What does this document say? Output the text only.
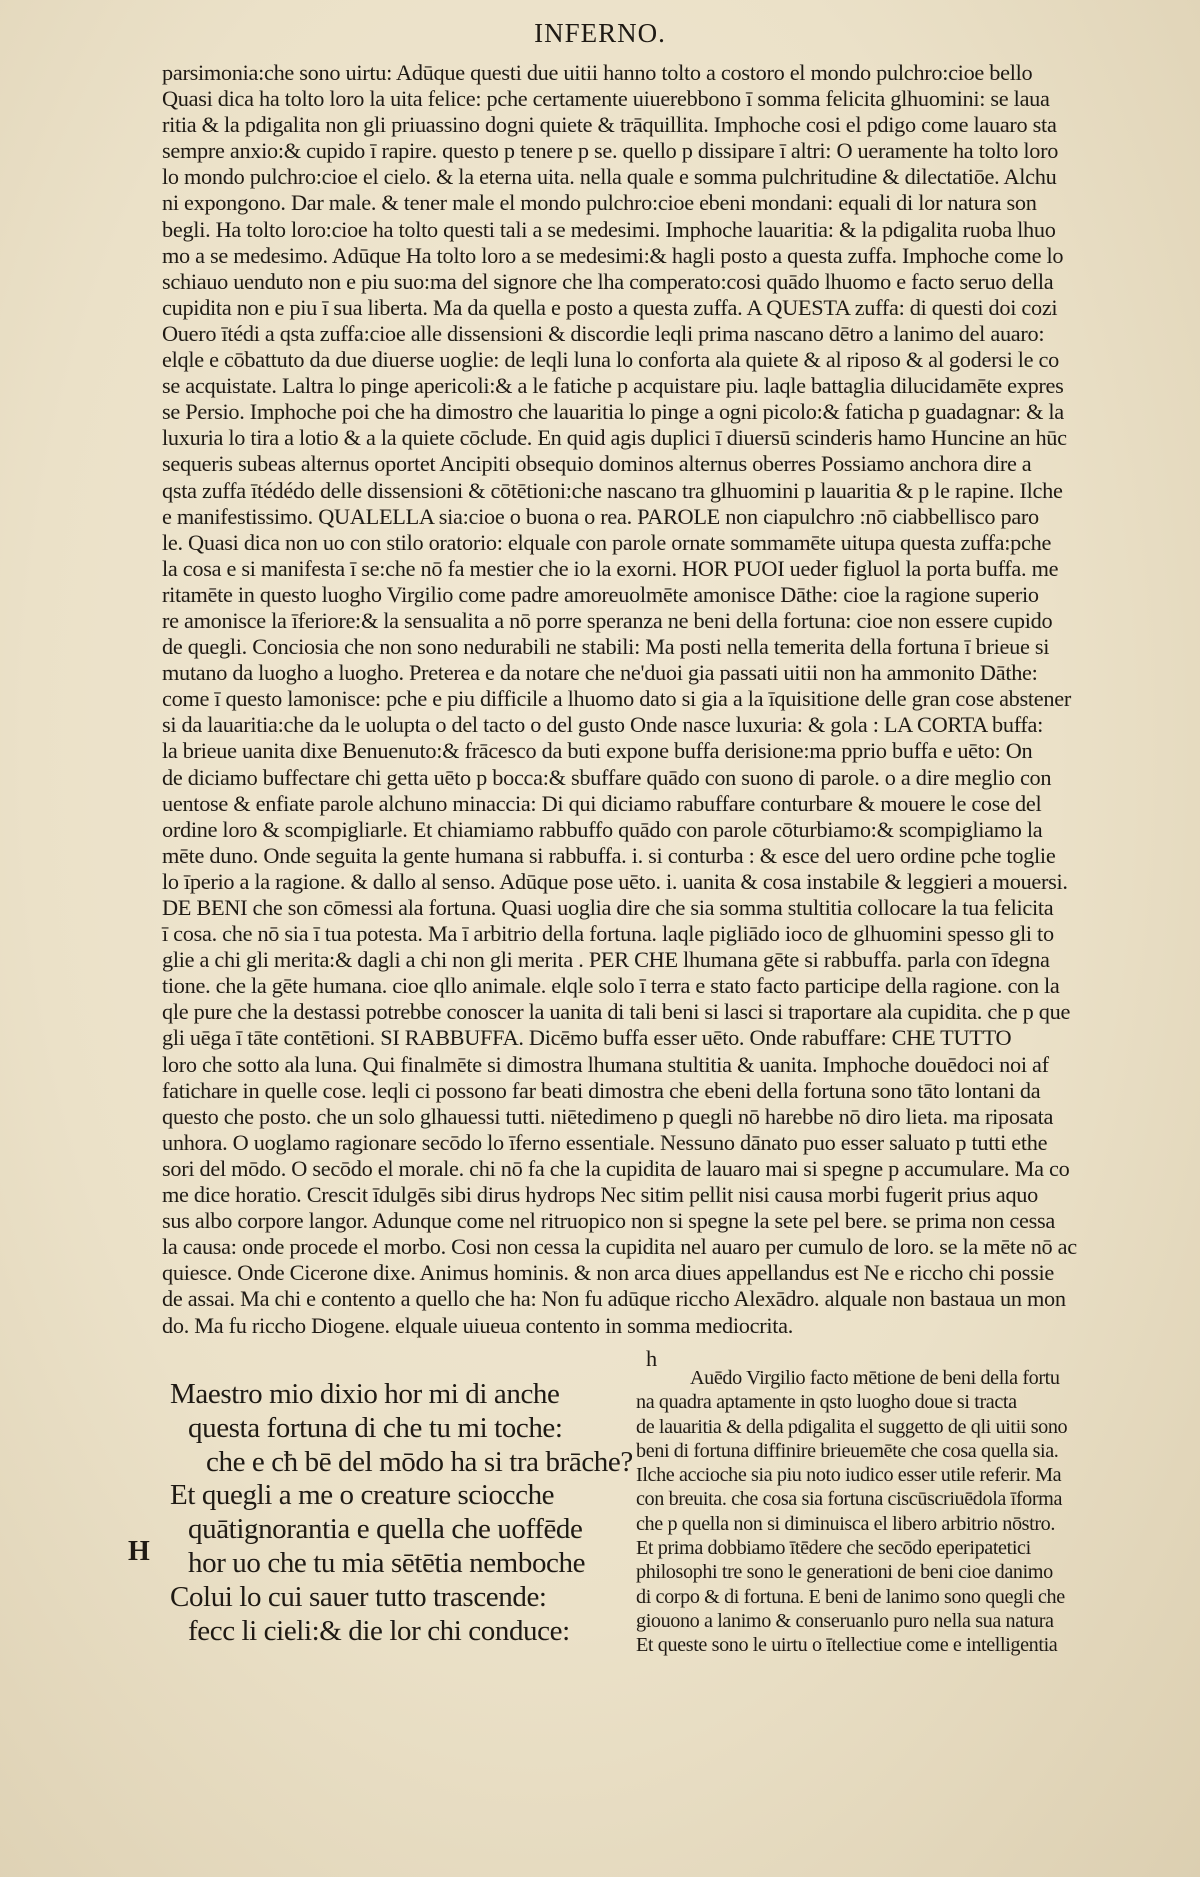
INFERNO.
parsimonia:che sono uirtu: Adūque questi due uitii hanno tolto a costoro el mondo pulchro:cioe bello
Quasi dica ha tolto loro la uita felice: pche certamente uiuerebbono ī somma felicita glhuomini: se laua
ritia & la pdigalita non gli priuassino dogni quiete & trāquillita. Imphoche cosi el pdigo come lauaro sta
sempre anxio:& cupido ī rapire. questo p tenere p se. quello p dissipare ī altri: O ueramente ha tolto loro
lo mondo pulchro:cioe el cielo. & la eterna uita. nella quale e somma pulchritudine & dilectatiōe. Alchu
ni expongono. Dar male. & tener male el mondo pulchro:cioe ebeni mondani: equali di lor natura son
begli. Ha tolto loro:cioe ha tolto questi tali a se medesimi. Imphoche lauaritia: & la pdigalita ruoba lhuo
mo a se medesimo. Adūque Ha tolto loro a se medesimi:& hagli posto a questa zuffa. Imphoche come lo
schiauo uenduto non e piu suo:ma del signore che lha comperato:cosi quādo lhuomo e facto seruo della
cupidita non e piu ī sua liberta. Ma da quella e posto a questa zuffa. A QUESTA zuffa: di questi doi cozi
Ouero ītédi a qsta zuffa:cioe alle dissensioni & discordie leqli prima nascano dētro a lanimo del auaro:
elqle e cōbattuto da due diuerse uoglie: de leqli luna lo conforta ala quiete & al riposo & al godersi le co
se acquistate. Laltra lo pinge apericoli:& a le fatiche p acquistare piu. laqle battaglia dilucidamēte expres
se Persio. Imphoche poi che ha dimostro che lauaritia lo pinge a ogni picolo:& faticha p guadagnar: & la
luxuria lo tira a lotio & a la quiete cōclude. En quid agis duplici ī diuersū scinderis hamo Huncine an hūc
sequeris subeas alternus oportet Ancipiti obsequio dominos alternus oberres Possiamo anchora dire a
qsta zuffa ītédédo delle dissensioni & cōtētioni:che nascano tra glhuomini p lauaritia & p le rapine. Ilche
e manifestissimo. QUALELLA sia:cioe o buona o rea. PAROLE non ciapulchro :nō ciabbellisco paro
le. Quasi dica non uo con stilo oratorio: elquale con parole ornate sommamēte uitupa questa zuffa:pche
la cosa e si manifesta ī se:che nō fa mestier che io la exorni. HOR PUOI ueder figluol la porta buffa. me
ritamēte in questo luogho Virgilio come padre amoreuolmēte amonisce Dāthe: cioe la ragione superio
re amonisce la īferiore:& la sensualita a nō porre speranza ne beni della fortuna: cioe non essere cupido
de quegli. Conciosia che non sono nedurabili ne stabili: Ma posti nella temerita della fortuna ī brieue si
mutano da luogho a luogho. Preterea e da notare che ne'duoi gia passati uitii non ha ammonito Dāthe:
come ī questo lamonisce: pche e piu difficile a lhuomo dato si gia a la īquisitione delle gran cose abstener
si da lauaritia:che da le uolupta o del tacto o del gusto Onde nasce luxuria: & gola : LA CORTA buffa:
la brieue uanita dixe Benuenuto:& frācesco da buti expone buffa derisione:ma pprio buffa e uēto: On
de diciamo buffectare chi getta uēto p bocca:& sbuffare quādo con suono di parole. o a dire meglio con
uentose & enfiate parole alchuno minaccia: Di qui diciamo rabuffare conturbare & mouere le cose del
ordine loro & scompigliarle. Et chiamiamo rabbuffo quādo con parole cōturbiamo:& scompigliamo la
mēte duno. Onde seguita la gente humana si rabbuffa. i. si conturba : & esce del uero ordine pche toglie
lo īperio a la ragione. & dallo al senso. Adūque pose uēto. i. uanita & cosa instabile & leggieri a mouersi.
DE BENI che son cōmessi ala fortuna. Quasi uoglia dire che sia somma stultitia collocare la tua felicita
ī cosa. che nō sia ī tua potesta. Ma ī arbitrio della fortuna. laqle pigliādo ioco de glhuomini spesso gli to
glie a chi gli merita:& dagli a chi non gli merita . PER CHE lhumana gēte si rabbuffa. parla con īdegna
tione. che la gēte humana. cioe qllo animale. elqle solo ī terra e stato facto participe della ragione. con la
qle pure che la destassi potrebbe conoscer la uanita di tali beni si lasci si traportare ala cupidita. che p que
gli uēga ī tāte contētioni. SI RABBUFFA. Dicēmo buffa esser uēto. Onde rabuffare: CHE TUTTO
loro che sotto ala luna. Qui finalmēte si dimostra lhumana stultitia & uanita. Imphoche douēdoci noi af
fatichare in quelle cose. leqli ci possono far beati dimostra che ebeni della fortuna sono tāto lontani da
questo che posto. che un solo glhauessi tutti. niētedimeno p quegli nō harebbe nō diro lieta. ma riposata
unhora. O uoglamo ragionare secōdo lo īferno essentiale. Nessuno dānato puo esser saluato p tutti ethe
sori del mōdo. O secōdo el morale. chi nō fa che la cupidita de lauaro mai si spegne p accumulare. Ma co
me dice horatio. Crescit īdulgēs sibi dirus hydrops Nec sitim pellit nisi causa morbi fugerit prius aquo
sus albo corpore langor. Adunque come nel ritruopico non si spegne la sete pel bere. se prima non cessa
la causa: onde procede el morbo. Cosi non cessa la cupidita nel auaro per cumulo de loro. se la mēte nō ac
quiesce. Onde Cicerone dixe. Animus hominis. & non arca diues appellandus est Ne e riccho chi possie
de assai. Ma chi e contento a quello che ha: Non fu adūque riccho Alexādro. alquale non bastaua un mon
do. Ma fu riccho Diogene. elquale uiueua contento in somma mediocrita.
h
Maestro mio dixio hor mi di anche
questa fortuna di che tu mi toche:
che e cħ bē del mōdo ha si tra brāche?
Et quegli a me o creature sciocche
quātignorantia e quella che uoffēde
hor uo che tu mia sētētia nemboche
Colui lo cui sauer tutto trascende:
fecc li cieli:& die lor chi conduce:
H
Auēdo Virgilio facto mētione de beni della fortu
na quadra aptamente in qsto luogho doue si tracta
de lauaritia & della pdigalita el suggetto de qli uitii sono
beni di fortuna diffinire brieuemēte che cosa quella sia.
Ilche accioche sia piu noto iudico esser utile referir. Ma
con breuita. che cosa sia fortuna ciscūscriuēdola īforma
che p quella non si diminuisca el libero arbitrio nōstro.
Et prima dobbiamo ītēdere che secōdo eperipatetici
philosophi tre sono le generationi de beni cioe danimo
di corpo & di fortuna. E beni de lanimo sono quegli che
giouono a lanimo & conseruanlo puro nella sua natura
Et queste sono le uirtu o ītellectiue come e intelligentia
